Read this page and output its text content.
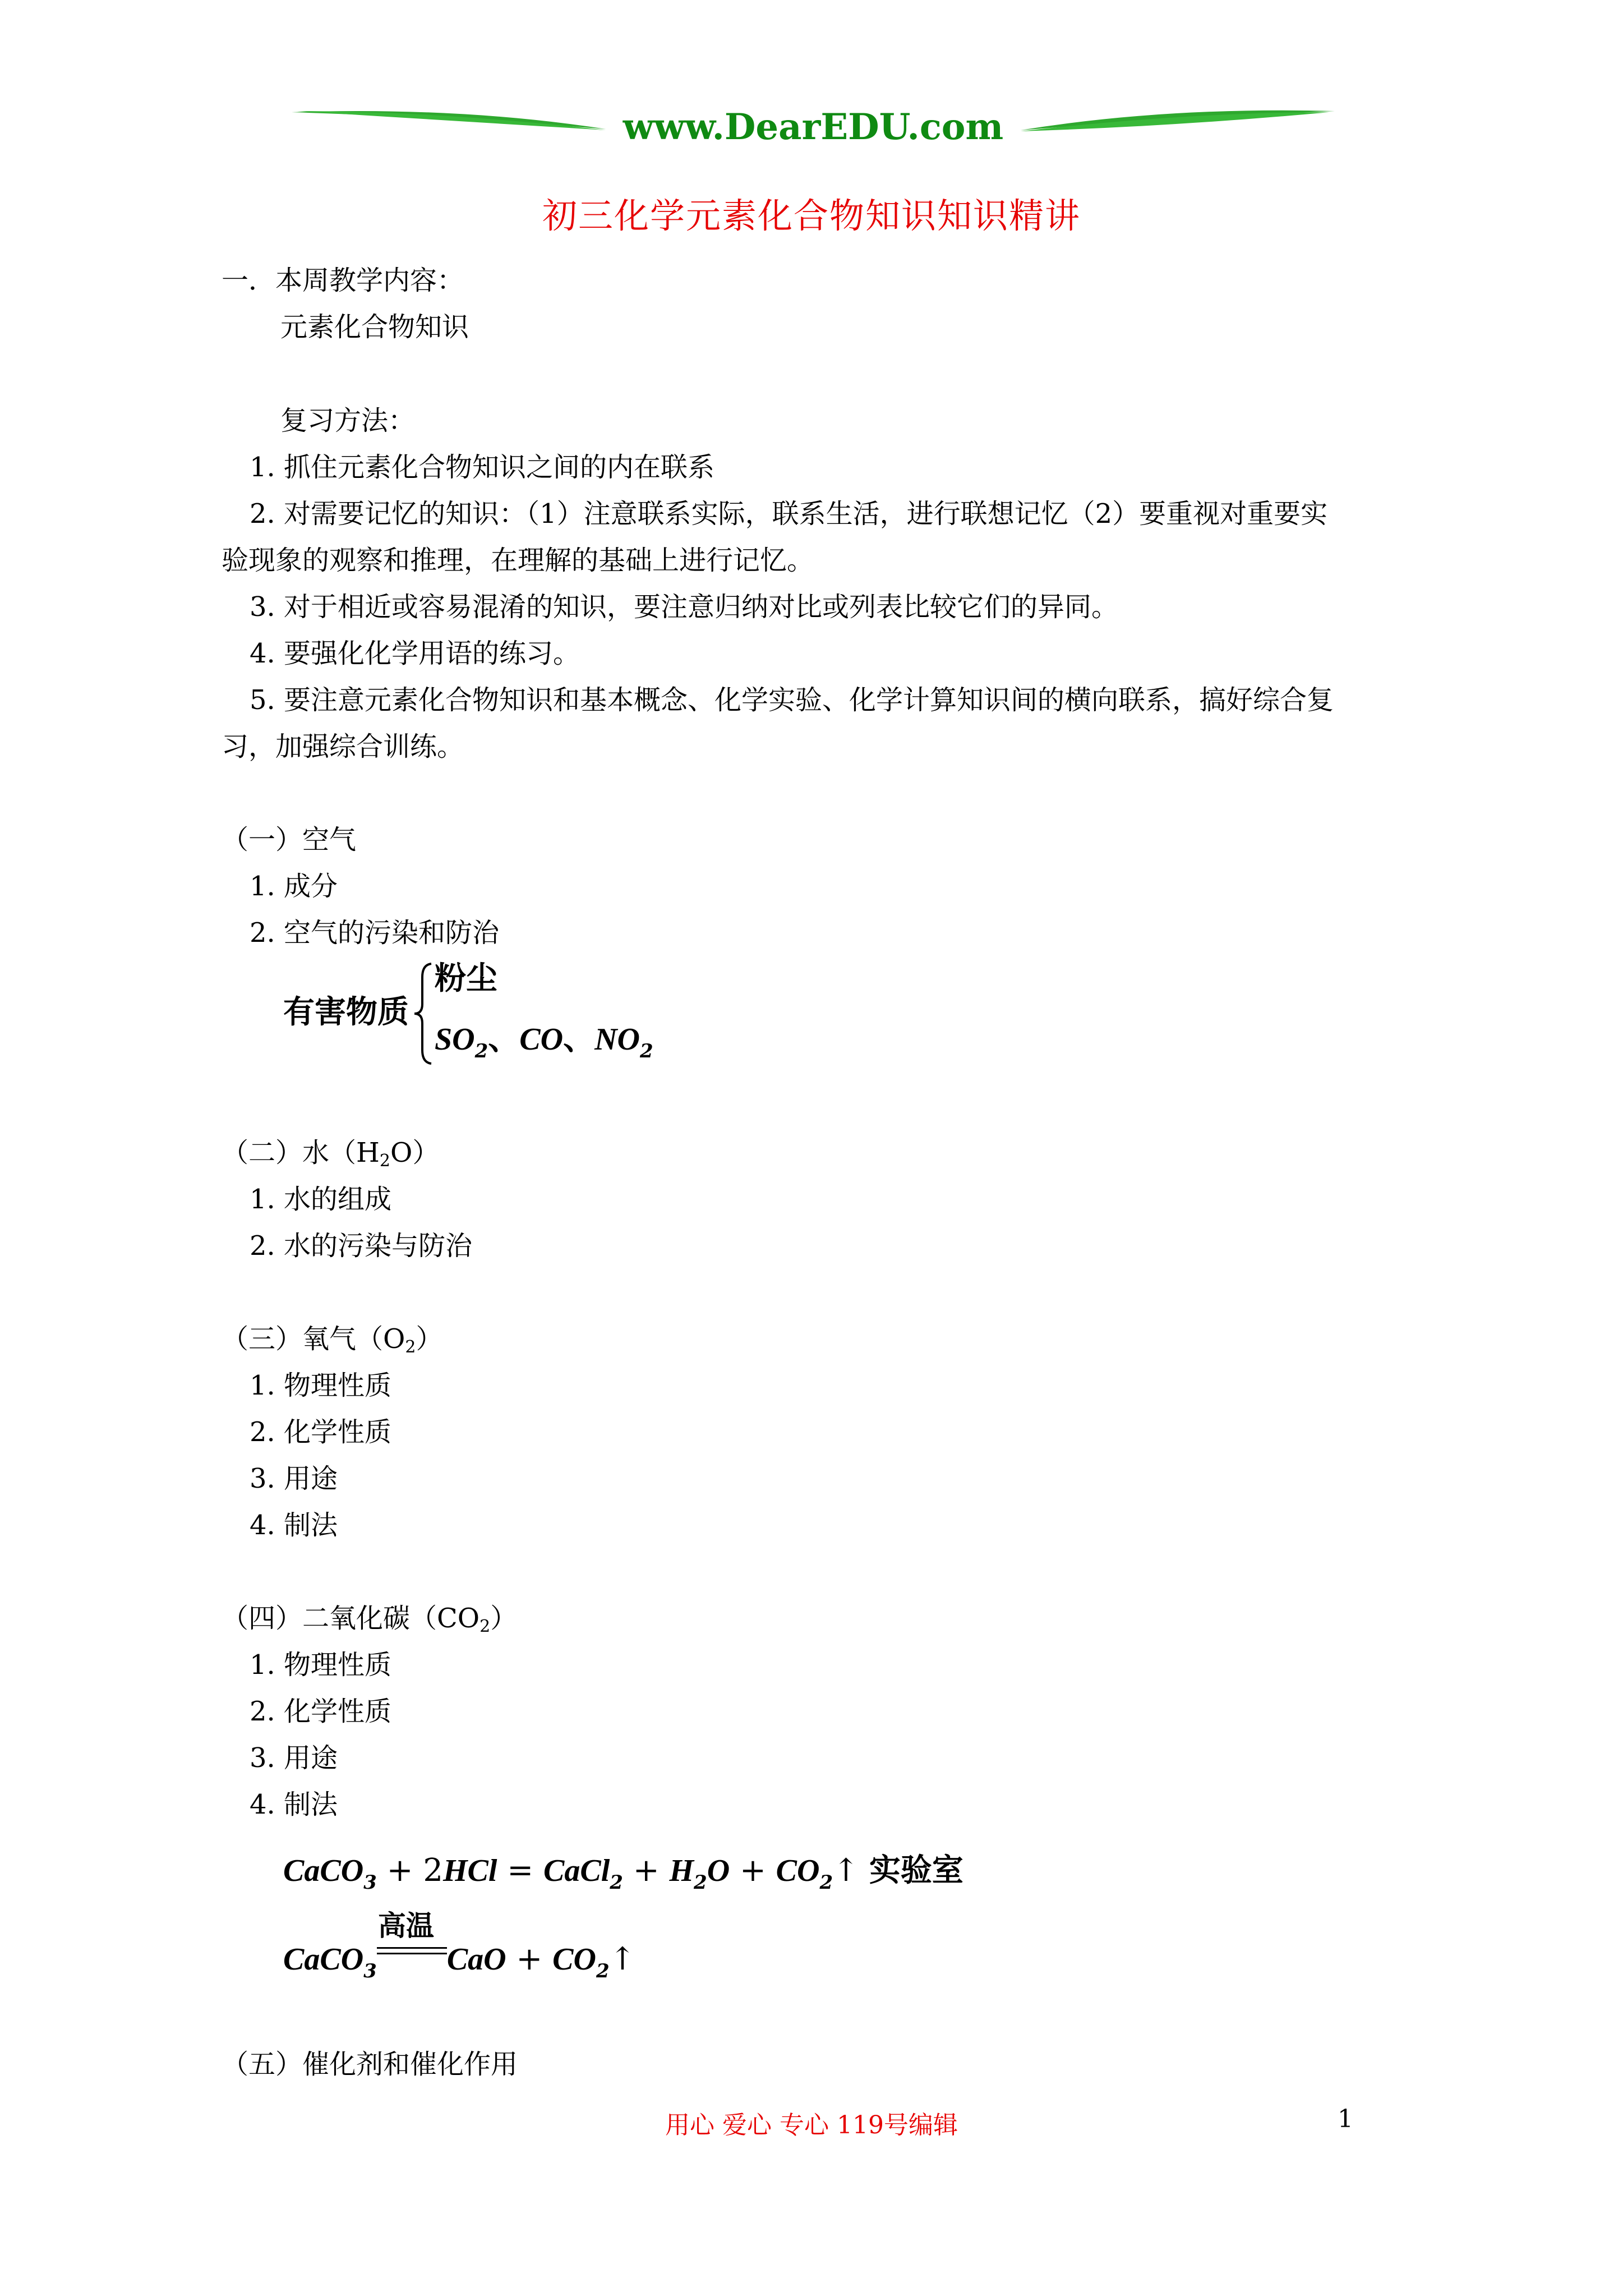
www.DearEDU.com
初三化学元素化合物知识知识精讲
一．本周教学内容：
元素化合物知识
复习方法：
1. 抓住元素化合物知识之间的内在联系
2. 对需要记忆的知识：（1）注意联系实际，联系生活，进行联想记忆（2）要重视对重要实
验现象的观察和推理，在理解的基础上进行记忆。
3. 对于相近或容易混淆的知识，要注意归纳对比或列表比较它们的异同。
4. 要强化化学用语的练习。
5. 要注意元素化合物知识和基本概念、化学实验、化学计算知识间的横向联系，搞好综合复
习，加强综合训练。
（一）空气
1. 成分
2. 空气的污染和防治
有害物质
粉尘
$SO_2$、CO、$NO_2$
（二）水$(H_2O)$
1. 水的组成
2. 水的污染与防治
（三）氧气$(O_2)$
1. 物理性质
2. 化学性质
3. 用途
4. 制法
（四）二氧化碳$(CO_2)$
1. 物理性质
2. 化学性质
3. 用途
4. 制法
CaCO$_3$ + 2HCl = CaCl$_2$ + $H_2O$ + $CO_2↑$ 实验室
CaCO$_3$
高温
CaO + $CO_2↑$
（五）催化剂和催化作用
用心 爱心 专心 119号编辑	1
